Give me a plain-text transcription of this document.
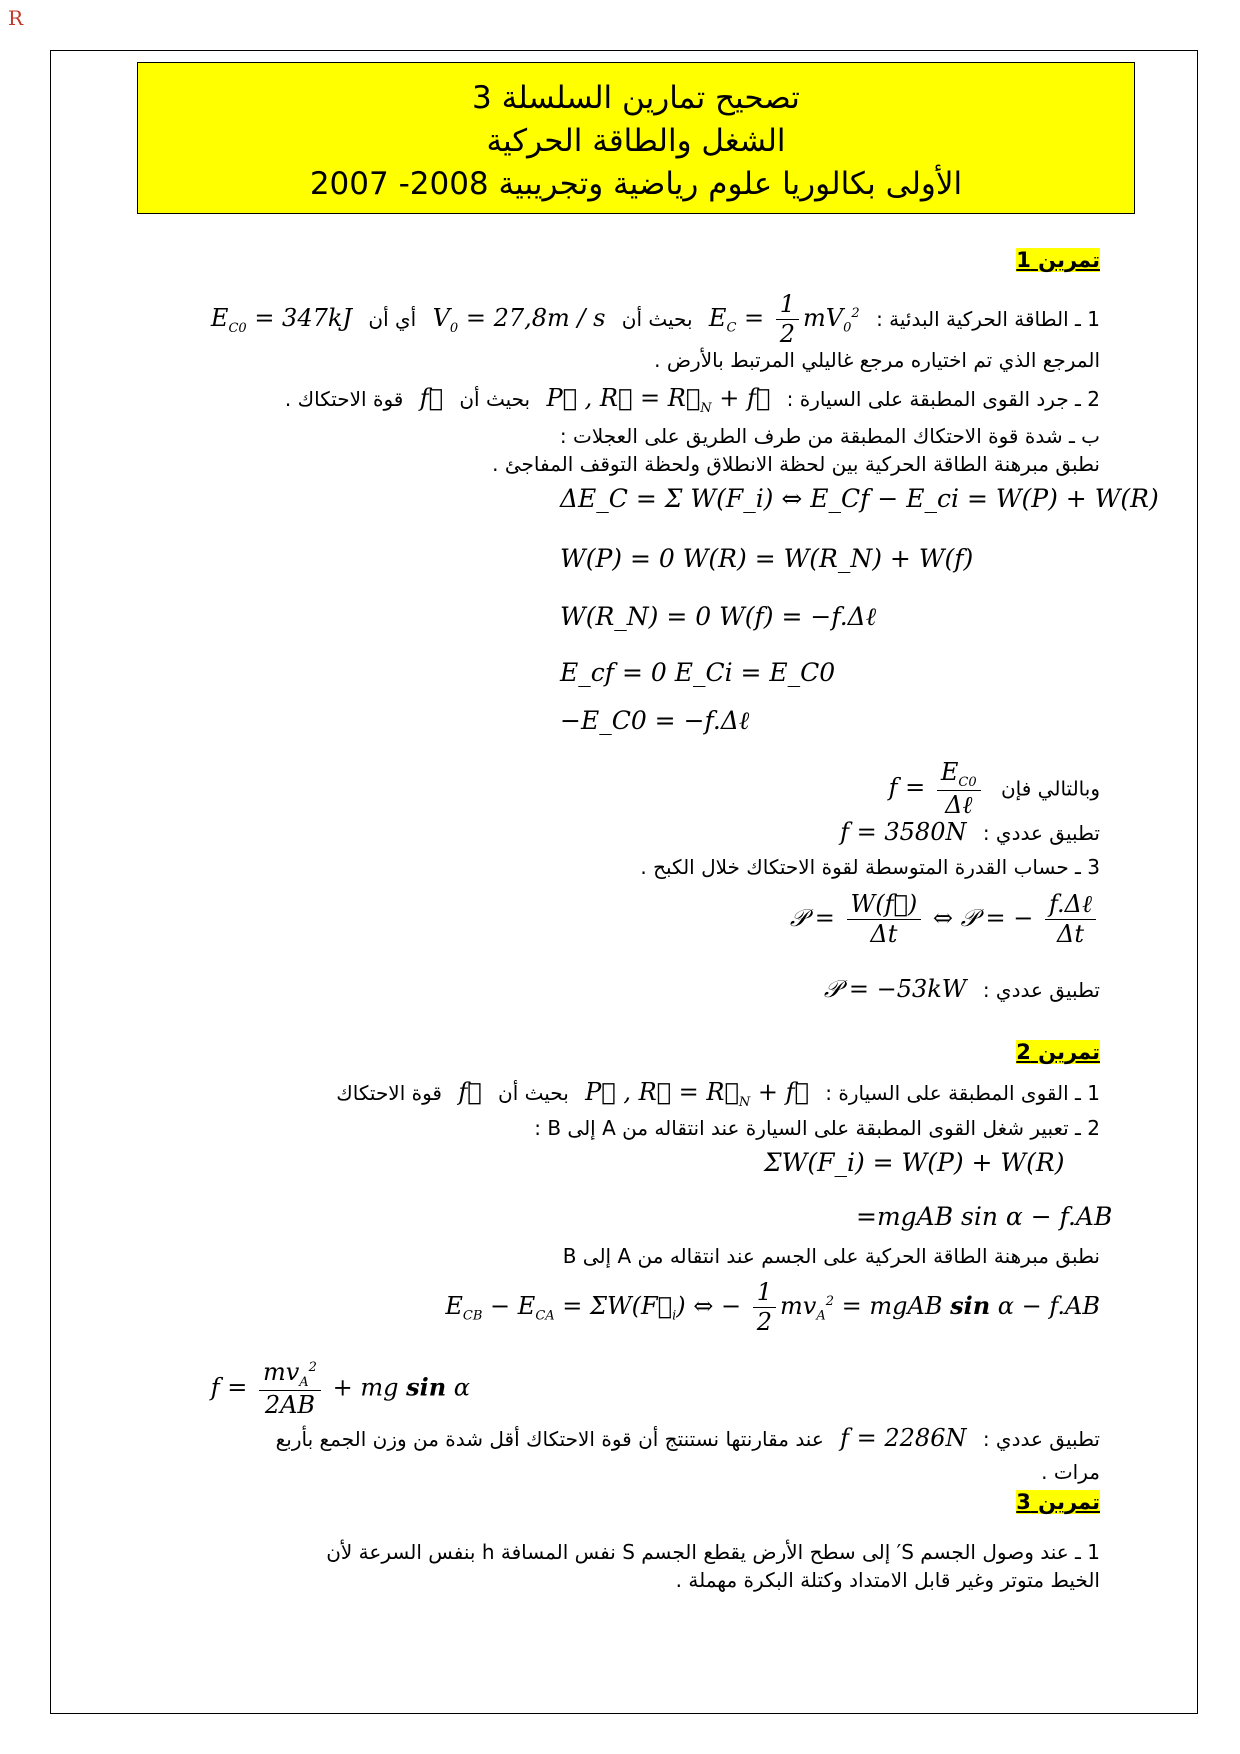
R
تصحيح تمارين السلسلة 3
الشغل والطاقة الحركية
الأولى بكالوريا علوم رياضية وتجريبية 2008- 2007
تمرين 1
1 ـ الطاقة الحركية البدئية : $E_C = \frac{1}{2} mV_0^2$ بحيث أن $V_0 = 27,8m / s$ أي أن $E_{C0} = 347kJ$
المرجع الذي تم اختياره مرجع غاليلي المرتبط بالأرض .
2 ـ جرد القوى المطبقة على السيارة : P⃗ , R⃗ = $R⃗_N$ + f⃗ بحيث أن f⃗ قوة الاحتكاك .
ب ـ شدة قوة الاحتكاك المطبقة من طرف الطريق على العجلات :
نطبق مبرهنة الطاقة الحركية بين لحظة الانطلاق ولحظة التوقف المفاجئ .
ΔE_C = Σ W(F_i) ⇔ E_Cf − E_ci = W(P) + W(R)
W(P) = 0 W(R) = W(R_N) + W(f)
W(R_N) = 0 W(f) = −f.Δℓ
E_cf = 0 E_Ci = E_C0
−E_C0 = −f.Δℓ
وبالتالي فإن $f = \frac{E_{C0}}{\text{Δℓ}}$
تطبيق عددي : f = 3580N
3 ـ حساب القدرة المتوسطة لقوة الاحتكاك خلال الكبح .
𝒫 = $\frac{W(f⃗)}{\Delta t}$ ⇔ 𝒫 = − $\frac{\text{f.Δℓ}}{\Delta t}$
تطبيق عددي : 𝒫 = −53kW
تمرين 2
1 ـ القوى المطبقة على السيارة : P⃗ , R⃗ = $R⃗_N$ + f⃗ بحيث أن f⃗ قوة الاحتكاك
2 ـ تعبير شغل القوى المطبقة على السيارة عند انتقاله من A إلى B :
ΣW(F_i) = W(P) + W(R)
=mgAB sin α − f.AB
نطبق مبرهنة الطاقة الحركية على الجسم عند انتقاله من A إلى B
$E_{CB} - E_{CA}$ = $\Sigma W(F⃗_i)$ ⇔ − $\frac{1}{2} mv_A^2$ = mgAB sin α − f.AB
$f = \frac{mv_A^2}{2AB}$ + mg sin α
تطبيق عددي : f = 2286N عند مقارنتها نستنتج أن قوة الاحتكاك أقل شدة من وزن الجمع بأربع
مرات .
تمرين 3
1 ـ عند وصول الجسم S′ إلى سطح الأرض يقطع الجسم S نفس المسافة h بنفس السرعة لأن
الخيط متوتر وغير قابل الامتداد وكتلة البكرة مهملة .
